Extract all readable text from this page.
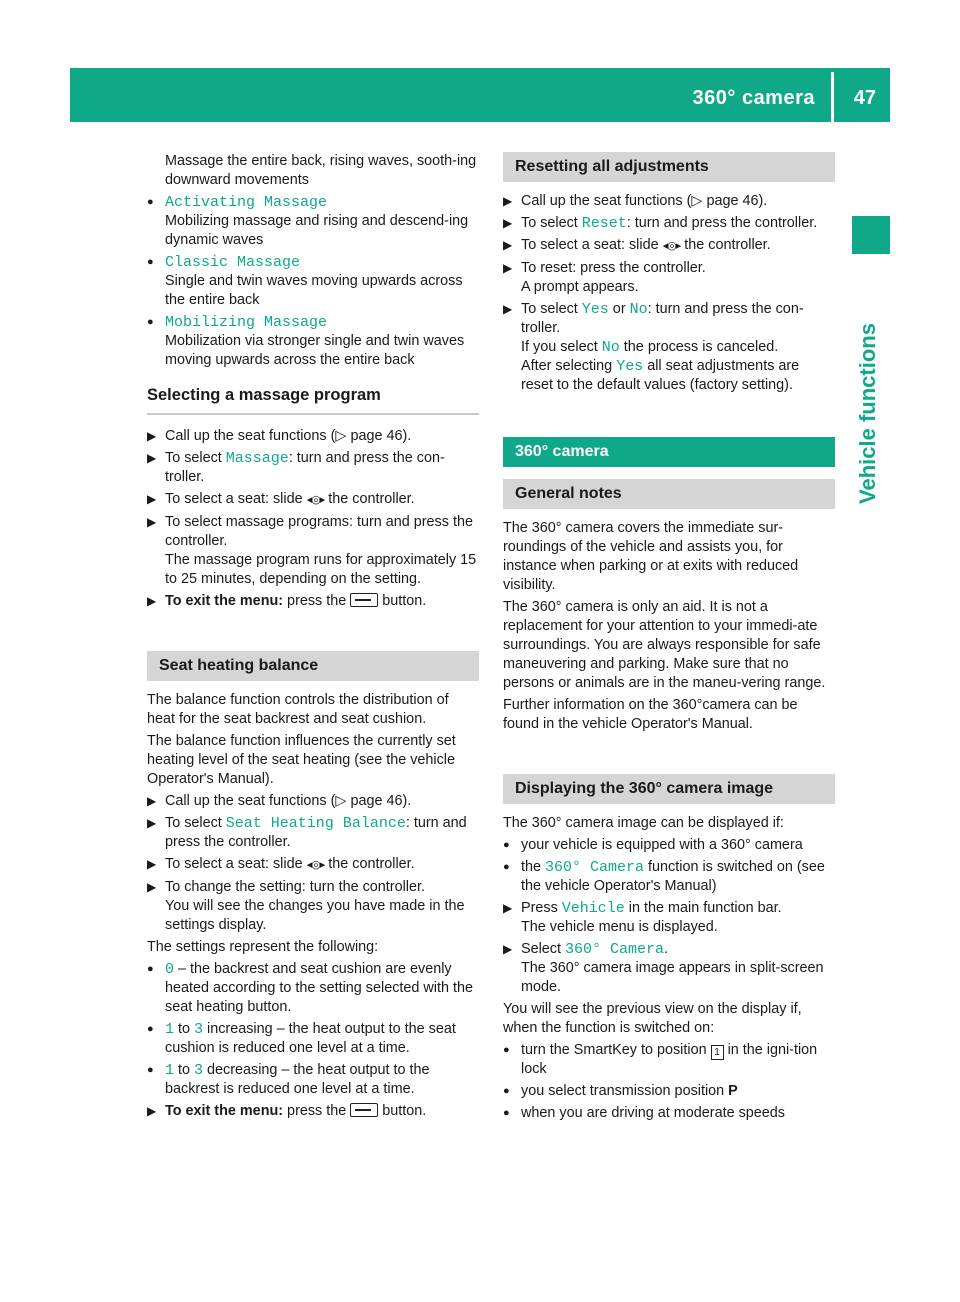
360° camera 47
Vehicle functions

Massage the entire back, rising waves, sooth-ing downward movements

● Activating Massage
Mobilizing massage and rising and descend-ing dynamic waves
● Classic Massage
Single and twin waves moving upwards across the entire back
● Mobilizing Massage
Mobilization via stronger single and twin waves moving upwards across the entire back
Selecting a massage program
▶ Call up the seat functions (▷ page 46).
▶ To select Massage: turn and press the con-troller.
▶ To select a seat: slide ◂◎▸ the controller.
▶ To select massage programs: turn and press the controller.
The massage program runs for approximately 15 to 25 minutes, depending on the setting.
▶ To exit the menu: press the  button.
Seat heating balance

The balance function controls the distribution of heat for the seat backrest and seat cushion.

The balance function influences the currently set heating level of the seat heating (see the vehicle Operator's Manual).

▶ Call up the seat functions (▷ page 46).
▶ To select Seat Heating Balance: turn and press the controller.
▶ To select a seat: slide ◂◎▸ the controller.
▶ To change the setting: turn the controller.
You will see the changes you have made in the settings display.

The settings represent the following:

● 0 – the backrest and seat cushion are evenly heated according to the setting selected with the seat heating button.
● 1 to 3 increasing – the heat output to the seat cushion is reduced one level at a time.
● 1 to 3 decreasing – the heat output to the backrest is reduced one level at a time.
▶ To exit the menu: press the  button.
Resetting all adjustments
▶ Call up the seat functions (▷ page 46).
▶ To select Reset: turn and press the controller.
▶ To select a seat: slide ◂◎▸ the controller.
▶ To reset: press the controller.
A prompt appears.
▶ To select Yes or No: turn and press the con-troller.
If you select No the process is canceled.
After selecting Yes all seat adjustments are reset to the default values (factory setting).
360° camera
General notes

The 360° camera covers the immediate sur-roundings of the vehicle and assists you, for instance when parking or at exits with reduced visibility.

The 360° camera is only an aid. It is not a replacement for your attention to your immedi-ate surroundings. You are always responsible for safe maneuvering and parking. Make sure that no persons or animals are in the maneu-vering range.

Further information on the 360°camera can be found in the vehicle Operator's Manual.

Displaying the 360° camera image

The 360° camera image can be displayed if:

● your vehicle is equipped with a 360° camera
● the 360° Camera function is switched on (see the vehicle Operator's Manual)
▶ Press Vehicle in the main function bar.
The vehicle menu is displayed.
▶ Select 360° Camera.
The 360° camera image appears in split-screen mode.

You will see the previous view on the display if, when the function is switched on:

● turn the SmartKey to position 1 in the igni-tion lock
● you select transmission position P
● when you are driving at moderate speeds
